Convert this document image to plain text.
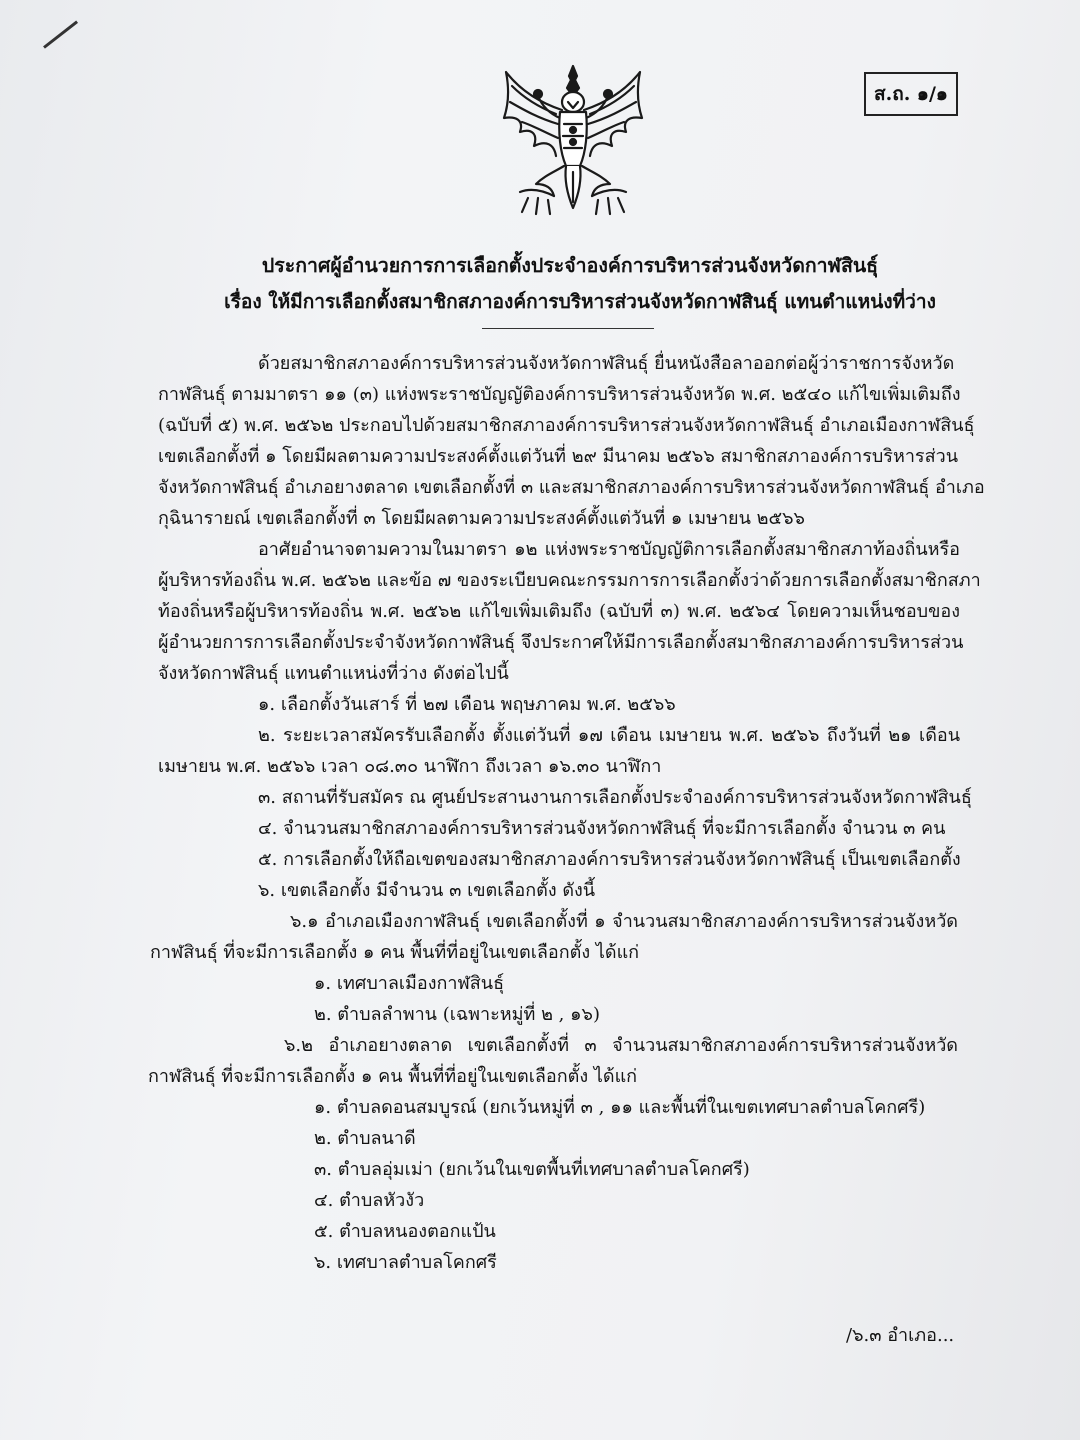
ส.ถ. ๑/๑
ประกาศผู้อำนวยการการเลือกตั้งประจำองค์การบริหารส่วนจังหวัดกาฬสินธุ์
เรื่อง ให้มีการเลือกตั้งสมาชิกสภาองค์การบริหารส่วนจังหวัดกาฬสินธุ์ แทนตำแหน่งที่ว่าง
ด้วยสมาชิกสภาองค์การบริหารส่วนจังหวัดกาฬสินธุ์ ยื่นหนังสือลาออกต่อผู้ว่าราชการจังหวัด
กาฬสินธุ์ ตามมาตรา ๑๑ (๓) แห่งพระราชบัญญัติองค์การบริหารส่วนจังหวัด พ.ศ. ๒๕๔๐ แก้ไขเพิ่มเติมถึง
(ฉบับที่ ๕) พ.ศ. ๒๕๖๒ ประกอบไปด้วยสมาชิกสภาองค์การบริหารส่วนจังหวัดกาฬสินธุ์ อำเภอเมืองกาฬสินธุ์
เขตเลือกตั้งที่ ๑ โดยมีผลตามความประสงค์ตั้งแต่วันที่ ๒๙ มีนาคม ๒๕๖๖ สมาชิกสภาองค์การบริหารส่วน
จังหวัดกาฬสินธุ์ อำเภอยางตลาด เขตเลือกตั้งที่ ๓ และสมาชิกสภาองค์การบริหารส่วนจังหวัดกาฬสินธุ์ อำเภอ
กุฉินารายณ์ เขตเลือกตั้งที่ ๓ โดยมีผลตามความประสงค์ตั้งแต่วันที่ ๑ เมษายน ๒๕๖๖
อาศัยอำนาจตามความในมาตรา ๑๒ แห่งพระราชบัญญัติการเลือกตั้งสมาชิกสภาท้องถิ่นหรือ
ผู้บริหารท้องถิ่น พ.ศ. ๒๕๖๒ และข้อ ๗ ของระเบียบคณะกรรมการการเลือกตั้งว่าด้วยการเลือกตั้งสมาชิกสภา
ท้องถิ่นหรือผู้บริหารท้องถิ่น พ.ศ. ๒๕๖๒ แก้ไขเพิ่มเติมถึง (ฉบับที่ ๓) พ.ศ. ๒๕๖๔ โดยความเห็นชอบของ
ผู้อำนวยการการเลือกตั้งประจำจังหวัดกาฬสินธุ์ จึงประกาศให้มีการเลือกตั้งสมาชิกสภาองค์การบริหารส่วน
จังหวัดกาฬสินธุ์ แทนตำแหน่งที่ว่าง ดังต่อไปนี้
๑. เลือกตั้งวันเสาร์ ที่ ๒๗ เดือน พฤษภาคม พ.ศ. ๒๕๖๖
๒. ระยะเวลาสมัครรับเลือกตั้ง ตั้งแต่วันที่ ๑๗ เดือน เมษายน พ.ศ. ๒๕๖๖ ถึงวันที่ ๒๑ เดือน
เมษายน พ.ศ. ๒๕๖๖ เวลา ๐๘.๓๐ นาฬิกา ถึงเวลา ๑๖.๓๐ นาฬิกา
๓. สถานที่รับสมัคร ณ ศูนย์ประสานงานการเลือกตั้งประจำองค์การบริหารส่วนจังหวัดกาฬสินธุ์
๔. จำนวนสมาชิกสภาองค์การบริหารส่วนจังหวัดกาฬสินธุ์ ที่จะมีการเลือกตั้ง จำนวน ๓ คน
๕. การเลือกตั้งให้ถือเขตของสมาชิกสภาองค์การบริหารส่วนจังหวัดกาฬสินธุ์ เป็นเขตเลือกตั้ง
๖. เขตเลือกตั้ง มีจำนวน ๓ เขตเลือกตั้ง ดังนี้
๖.๑ อำเภอเมืองกาฬสินธุ์ เขตเลือกตั้งที่ ๑ จำนวนสมาชิกสภาองค์การบริหารส่วนจังหวัด
กาฬสินธุ์ ที่จะมีการเลือกตั้ง ๑ คน พื้นที่ที่อยู่ในเขตเลือกตั้ง ได้แก่
๑. เทศบาลเมืองกาฬสินธุ์
๒. ตำบลลำพาน (เฉพาะหมู่ที่ ๒ , ๑๖)
๖.๒ อำเภอยางตลาด เขตเลือกตั้งที่ ๓ จำนวนสมาชิกสภาองค์การบริหารส่วนจังหวัด
กาฬสินธุ์ ที่จะมีการเลือกตั้ง ๑ คน พื้นที่ที่อยู่ในเขตเลือกตั้ง ได้แก่
๑. ตำบลดอนสมบูรณ์ (ยกเว้นหมู่ที่ ๓ , ๑๑ และพื้นที่ในเขตเทศบาลตำบลโคกศรี)
๒. ตำบลนาดี
๓. ตำบลอุ่มเม่า (ยกเว้นในเขตพื้นที่เทศบาลตำบลโคกศรี)
๔. ตำบลหัวงัว
๕. ตำบลหนองตอกแป้น
๖. เทศบาลตำบลโคกศรี
/๖.๓ อำเภอ...
